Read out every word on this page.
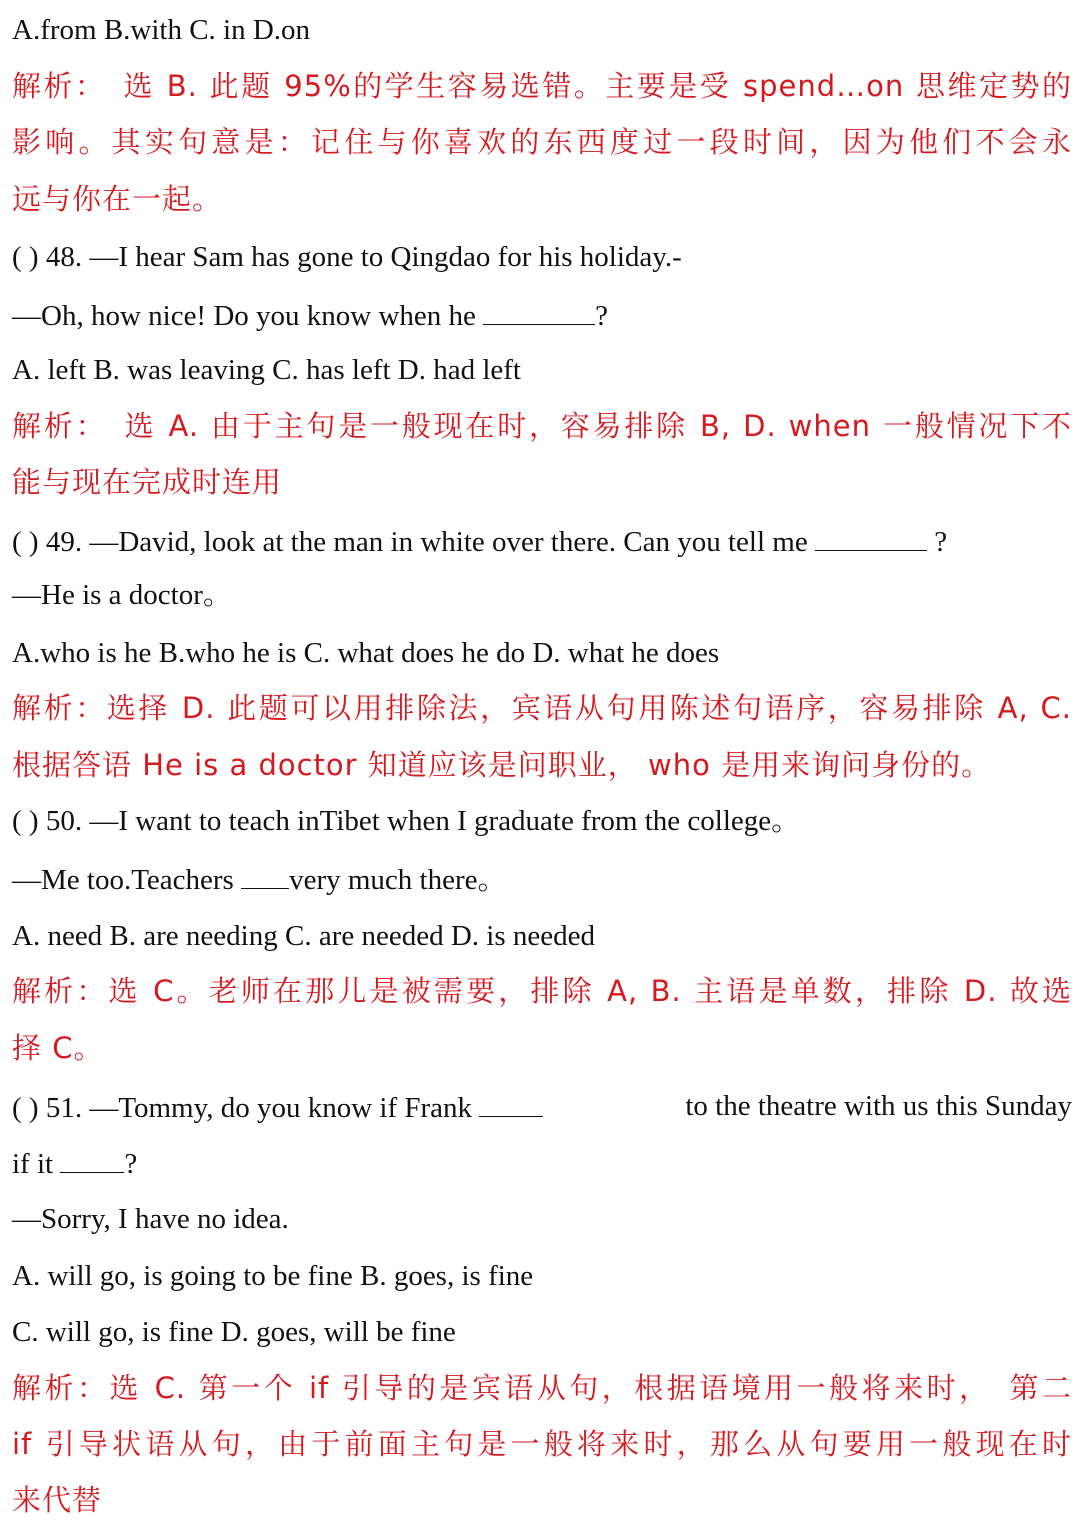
A.from B.with C. in D.on
解析：　选 B. 此题 95%的学生容易选错。主要是受 spend…on 思维定势的
影响。其实句意是：记住与你喜欢的东西度过一段时间，因为他们不会永
远与你在一起。
( ) 48. —I hear Sam has gone to Qingdao for his holiday.-
—Oh, how nice! Do you know when he	?
A. left B. was leaving C. has left D. had left
解析：　选 A. 由于主句是一般现在时，容易排除 B, D. when 一般情况下不
能与现在完成时连用
( ) 49. —David, look at the man in white over there. Can you tell me	?
—He is a doctor。
A.who is he B.who he is C. what does he do D. what he does
解析：选择 D. 此题可以用排除法，宾语从句用陈述句语序，容易排除 A, C.
根据答语 He is a doctor 知道应该是问职业， who 是用来询问身份的。
( ) 50. —I want to teach inTibet when I graduate from the college。
—Me too.Teachers very much there。
A. need B. are needing C. are needed D. is needed
解析：选 C。老师在那儿是被需要，排除 A, B. 主语是单数，排除 D. 故选
择 C。
( ) 51. —Tommy, do you know if Frank	to the theatre with us this Sunday
if it ?
—Sorry, I have no idea.
A. will go, is going to be fine B. goes, is fine
C. will go, is fine D. goes, will be fine
解析：选 C. 第一个 if 引导的是宾语从句，根据语境用一般将来时，　第二
if 引导状语从句，由于前面主句是一般将来时，那么从句要用一般现在时
来代替
